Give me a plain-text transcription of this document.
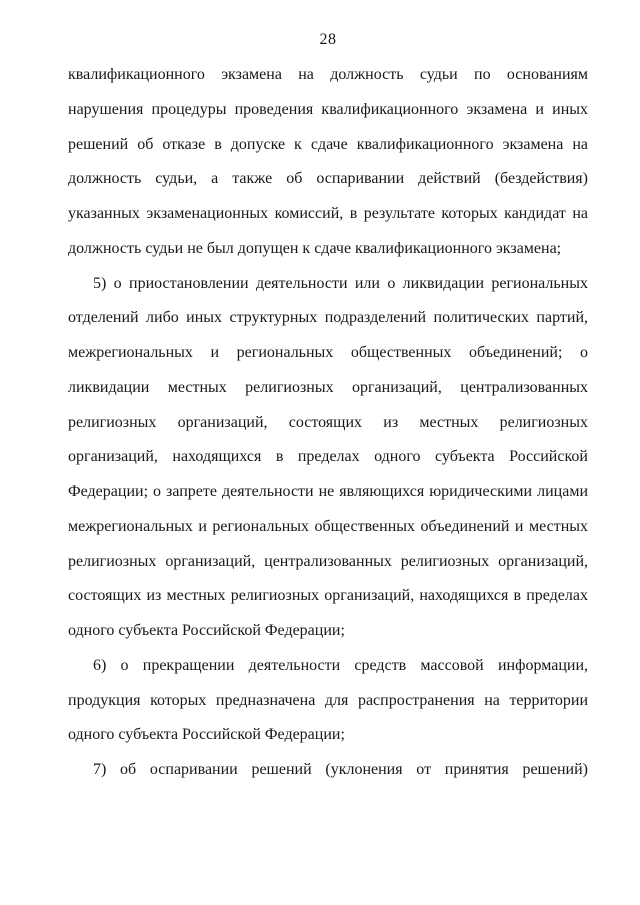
28
квалификационного экзамена на должность судьи по основаниям
нарушения процедуры проведения квалификационного экзамена и иных
решений об отказе в допуске к сдаче квалификационного экзамена на
должность судьи, а также об оспаривании действий (бездействия)
указанных экзаменационных комиссий, в результате которых кандидат на
должность судьи не был допущен к сдаче квалификационного экзамена;
5) о приостановлении деятельности или о ликвидации региональных
отделений либо иных структурных подразделений политических партий,
межрегиональных и региональных общественных объединений; о
ликвидации местных религиозных организаций, централизованных
религиозных организаций, состоящих из местных религиозных
организаций, находящихся в пределах одного субъекта Российской
Федерации; о запрете деятельности не являющихся юридическими лицами
межрегиональных и региональных общественных объединений и местных
религиозных организаций, централизованных религиозных организаций,
состоящих из местных религиозных организаций, находящихся в пределах
одного субъекта Российской Федерации;
6) о прекращении деятельности средств массовой информации,
продукция которых предназначена для распространения на территории
одного субъекта Российской Федерации;
7) об оспаривании решений (уклонения от принятия решений)
